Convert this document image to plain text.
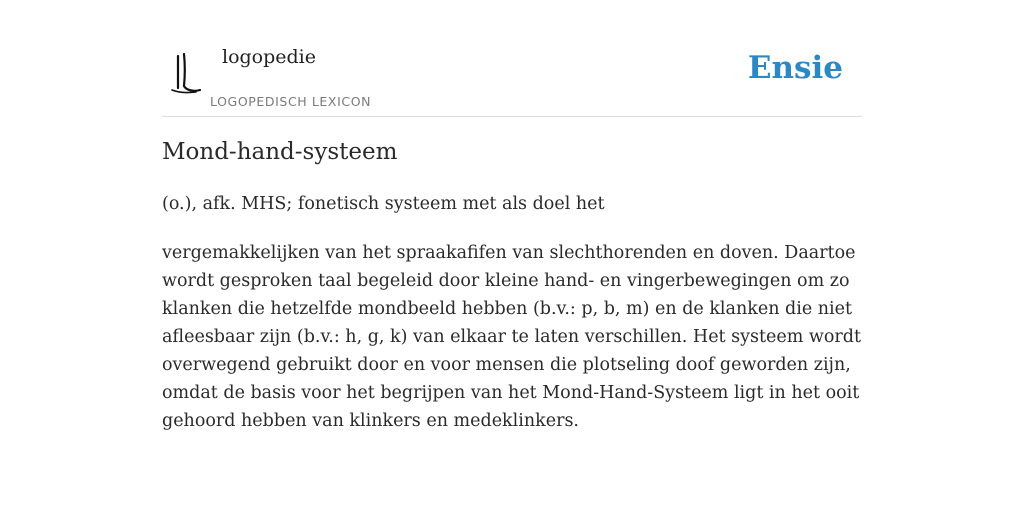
logopedie
LOGOPEDISCH LEXICON
Ensie
Mond-hand-systeem

(o.), afk. MHS; fonetisch systeem met als doel het

vergemakkelijken van het spraakafifen van slechthorenden en doven. Daartoe wordt gesproken taal begeleid door kleine hand- en vingerbewegingen om zo klanken die hetzelfde mondbeeld hebben (b.v.: p, b, m) en de klanken die niet afleesbaar zijn (b.v.: h, g, k) van elkaar te laten verschillen. Het systeem wordt overwegend gebruikt door en voor mensen die plotseling doof geworden zijn, omdat de basis voor het begrijpen van het Mond-Hand-Systeem ligt in het ooit gehoord hebben van klinkers en medeklinkers.
